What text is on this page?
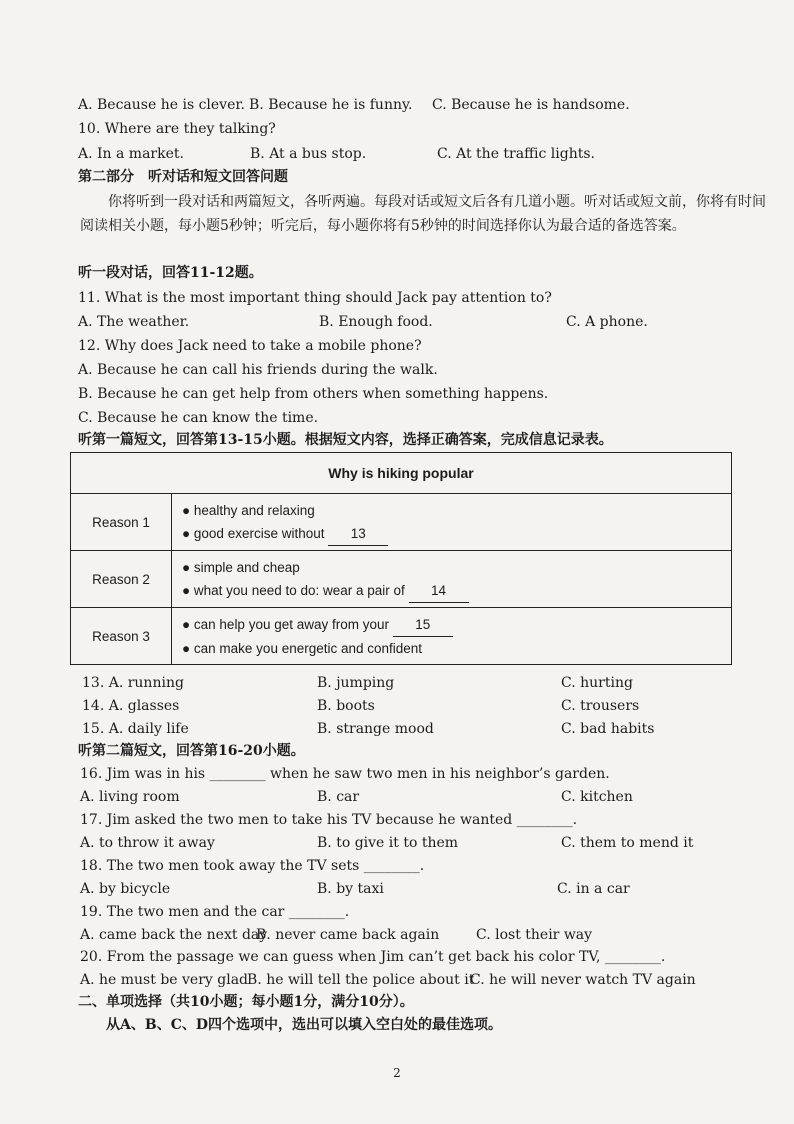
A. Because he is clever. B. Because he is funny. C. Because he is handsome.
10. Where are they talking?
A. In a market.	B. At a bus stop.	C. At the traffic lights.
第二部分　听对话和短文回答问题
你将听到一段对话和两篇短文，各听两遍。每段对话或短文后各有几道小题。听对话或短文前，你将有时间阅读相关小题，每小题5秒钟；听完后，每小题你将有5秒钟的时间选择你认为最合适的备选答案。
听一段对话，回答11-12题。
11. What is the most important thing should Jack pay attention to?
A. The weather.	B. Enough food.	C. A phone.
12. Why does Jack need to take a mobile phone?
A. Because he can call his friends during the walk.
B. Because he can get help from others when something happens.
C. Because he can know the time.
听第一篇短文，回答第13-15小题。根据短文内容，选择正确答案，完成信息记录表。
Why is hiking popular	
Reason 1	● healthy and relaxing
● good exercise without 13

Reason 2	● simple and cheap
● what you need to do: wear a pair of 14

Reason 3	● can help you get away from your 15
● can make you energetic and confident
13. A. running	B. jumping	C. hurting
14. A. glasses	B. boots	C. trousers
15. A. daily life	B. strange mood	C. bad habits
听第二篇短文，回答第16-20小题。
16. Jim was in his ________ when he saw two men in his neighbor’s garden.
A. living room	B. car	C. kitchen
17. Jim asked the two men to take his TV because he wanted ________.
A. to throw it away	B. to give it to them	C. them to mend it
18. The two men took away the TV sets ________.
A. by bicycle	B. by taxi	C. in a car
19. The two men and the car ________.
A. came back the next day
B. never came back again	C. lost their way
20. From the passage we can guess when Jim can’t get back his color TV, ________.
A. he must be very glad
B. he will tell the police about it
C. he will never watch TV again
二、单项选择（共10小题；每小题1分，满分10分）。
从A、B、C、D四个选项中，选出可以填入空白处的最佳选项。
2
